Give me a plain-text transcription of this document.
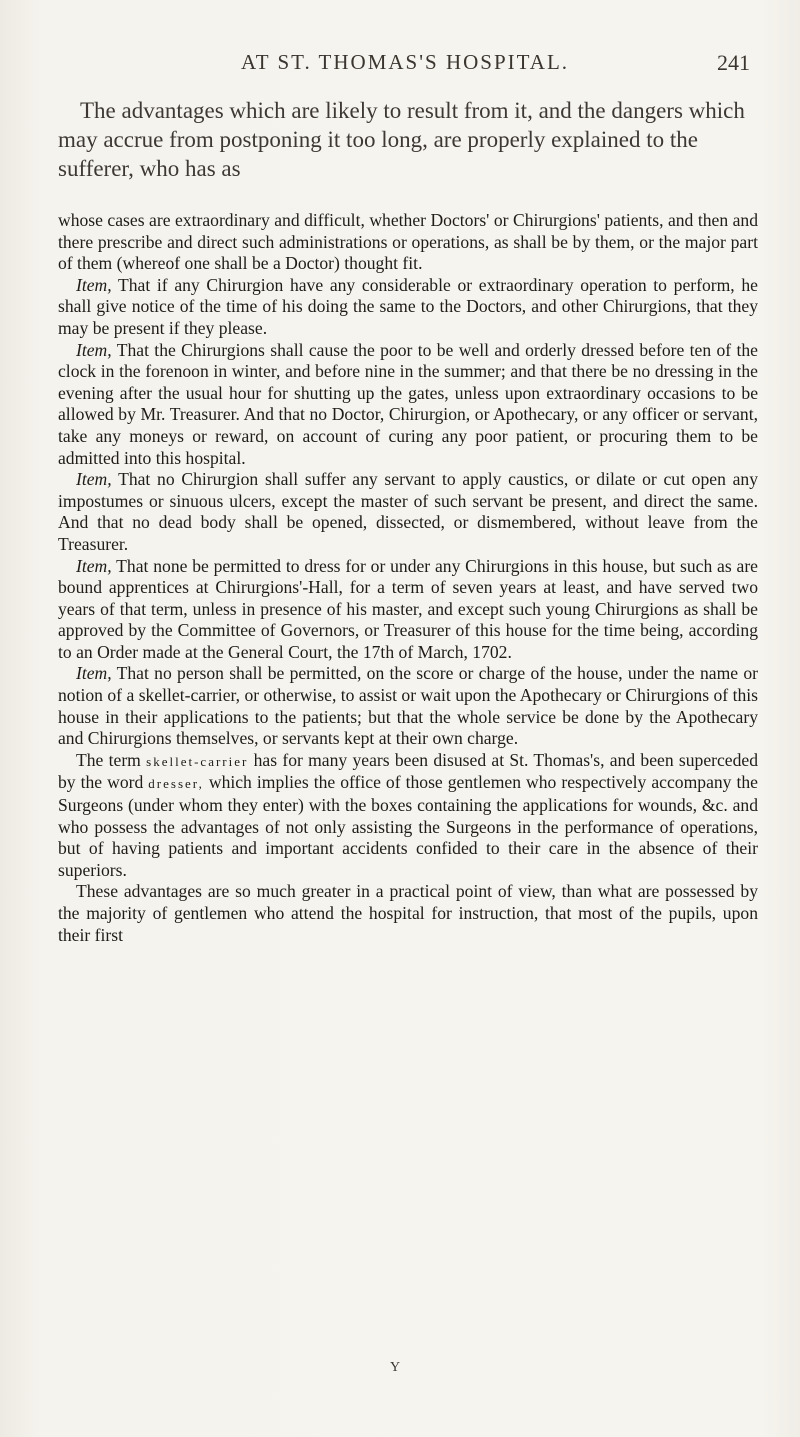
AT ST. THOMAS'S HOSPITAL.	241

The advantages which are likely to result from it, and the dangers which may accrue from postponing it too long, are properly explained to the sufferer, who has as

whose cases are extraordinary and difficult, whether Doctors' or Chirurgions' patients, and then and there prescribe and direct such administrations or operations, as shall be by them, or the major part of them (whereof one shall be a Doctor) thought fit.

Item, That if any Chirurgion have any considerable or extraordinary operation to perform, he shall give notice of the time of his doing the same to the Doctors, and other Chirurgions, that they may be present if they please.

Item, That the Chirurgions shall cause the poor to be well and orderly dressed before ten of the clock in the forenoon in winter, and before nine in the summer; and that there be no dressing in the evening after the usual hour for shutting up the gates, unless upon extraordinary occasions to be allowed by Mr. Treasurer. And that no Doctor, Chirurgion, or Apothecary, or any officer or servant, take any moneys or reward, on account of curing any poor patient, or procuring them to be admitted into this hospital.

Item, That no Chirurgion shall suffer any servant to apply caustics, or dilate or cut open any impostumes or sinuous ulcers, except the master of such servant be present, and direct the same. And that no dead body shall be opened, dissected, or dismembered, without leave from the Treasurer.

Item, That none be permitted to dress for or under any Chirurgions in this house, but such as are bound apprentices at Chirurgions'-Hall, for a term of seven years at least, and have served two years of that term, unless in presence of his master, and except such young Chirurgions as shall be approved by the Committee of Governors, or Treasurer of this house for the time being, according to an Order made at the General Court, the 17th of March, 1702.

Item, That no person shall be permitted, on the score or charge of the house, under the name or notion of a skellet-carrier, or otherwise, to assist or wait upon the Apothecary or Chirurgions of this house in their applications to the patients; but that the whole service be done by the Apothecary and Chirurgions themselves, or servants kept at their own charge.

The term skellet-carrier has for many years been disused at St. Thomas's, and been superceded by the word dresser, which implies the office of those gentlemen who respectively accompany the Surgeons (under whom they enter) with the boxes containing the applications for wounds, &c. and who possess the advantages of not only assisting the Surgeons in the performance of operations, but of having patients and important accidents confided to their care in the absence of their superiors.

These advantages are so much greater in a practical point of view, than what are possessed by the majority of gentlemen who attend the hospital for instruction, that most of the pupils, upon their first

Y
